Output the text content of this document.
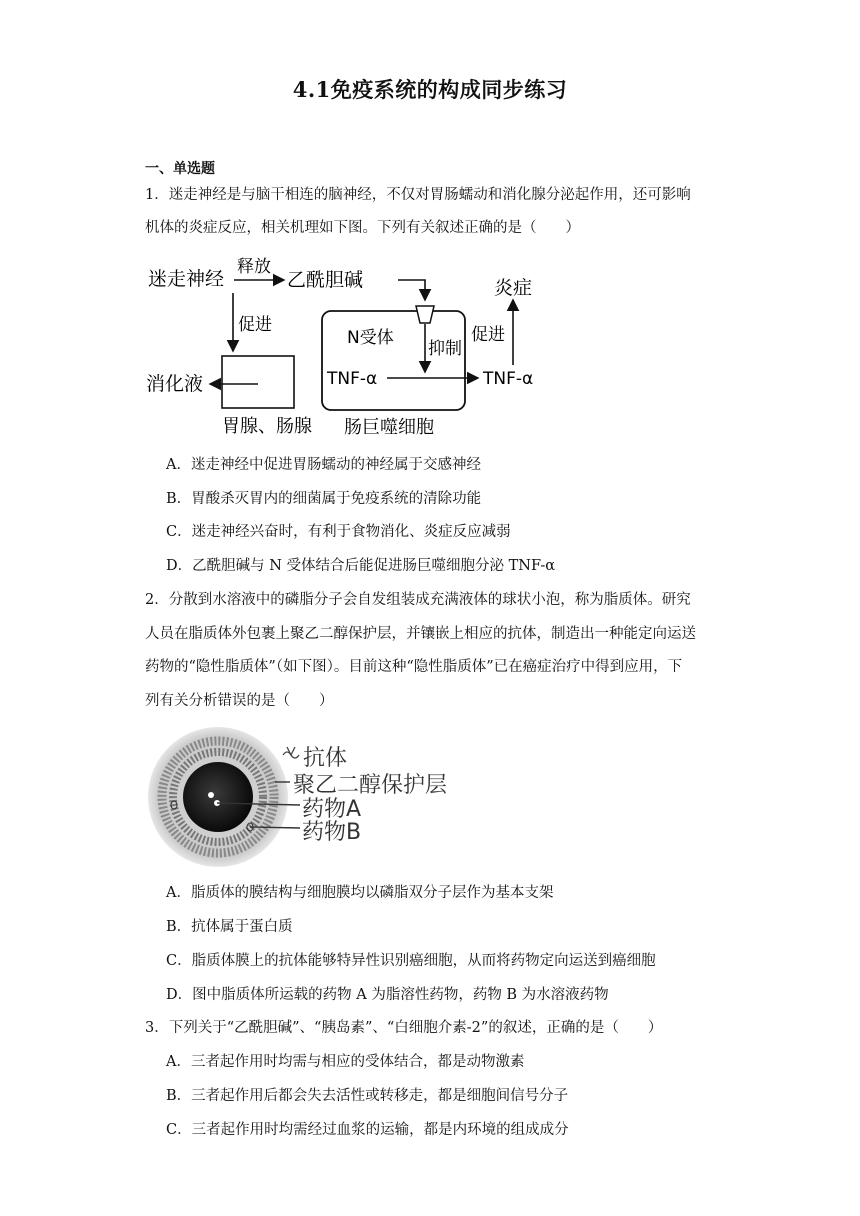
4.1免疫系统的构成同步练习
一、单选题
1．迷走神经是与脑干相连的脑神经，不仅对胃肠蠕动和消化腺分泌起作用，还可影响
机体的炎症反应，相关机理如下图。下列有关叙述正确的是（　　）
迷走神经
释放
乙酰胆碱
促进
消化液
胃腺、肠腺
N受体
抑制
TNF-α	TNF-α
促进
炎症
肠巨噬细胞
A．迷走神经中促进胃肠蠕动的神经属于交感神经
B．胃酸杀灭胃内的细菌属于免疫系统的清除功能
C．迷走神经兴奋时，有利于食物消化、炎症反应减弱
D．乙酰胆碱与 N 受体结合后能促进肠巨噬细胞分泌 TNF-α
2．分散到水溶液中的磷脂分子会自发组装成充满液体的球状小泡，称为脂质体。研究
人员在脂质体外包裹上聚乙二醇保护层，并镶嵌上相应的抗体，制造出一种能定向运送
药物的“隐性脂质体”（如下图）。目前这种“隐性脂质体”已在癌症治疗中得到应用，下
列有关分析错误的是（　　）
抗体
聚乙二醇保护层
药物A
药物B
A．脂质体的膜结构与细胞膜均以磷脂双分子层作为基本支架
B．抗体属于蛋白质
C．脂质体膜上的抗体能够特异性识别癌细胞，从而将药物定向运送到癌细胞
D．图中脂质体所运载的药物 A 为脂溶性药物，药物 B 为水溶液药物
3．下列关于“乙酰胆碱”、“胰岛素”、“白细胞介素-2”的叙述，正确的是（　　）
A．三者起作用时均需与相应的受体结合，都是动物激素
B．三者起作用后都会失去活性或转移走，都是细胞间信号分子
C．三者起作用时均需经过血浆的运输，都是内环境的组成成分
